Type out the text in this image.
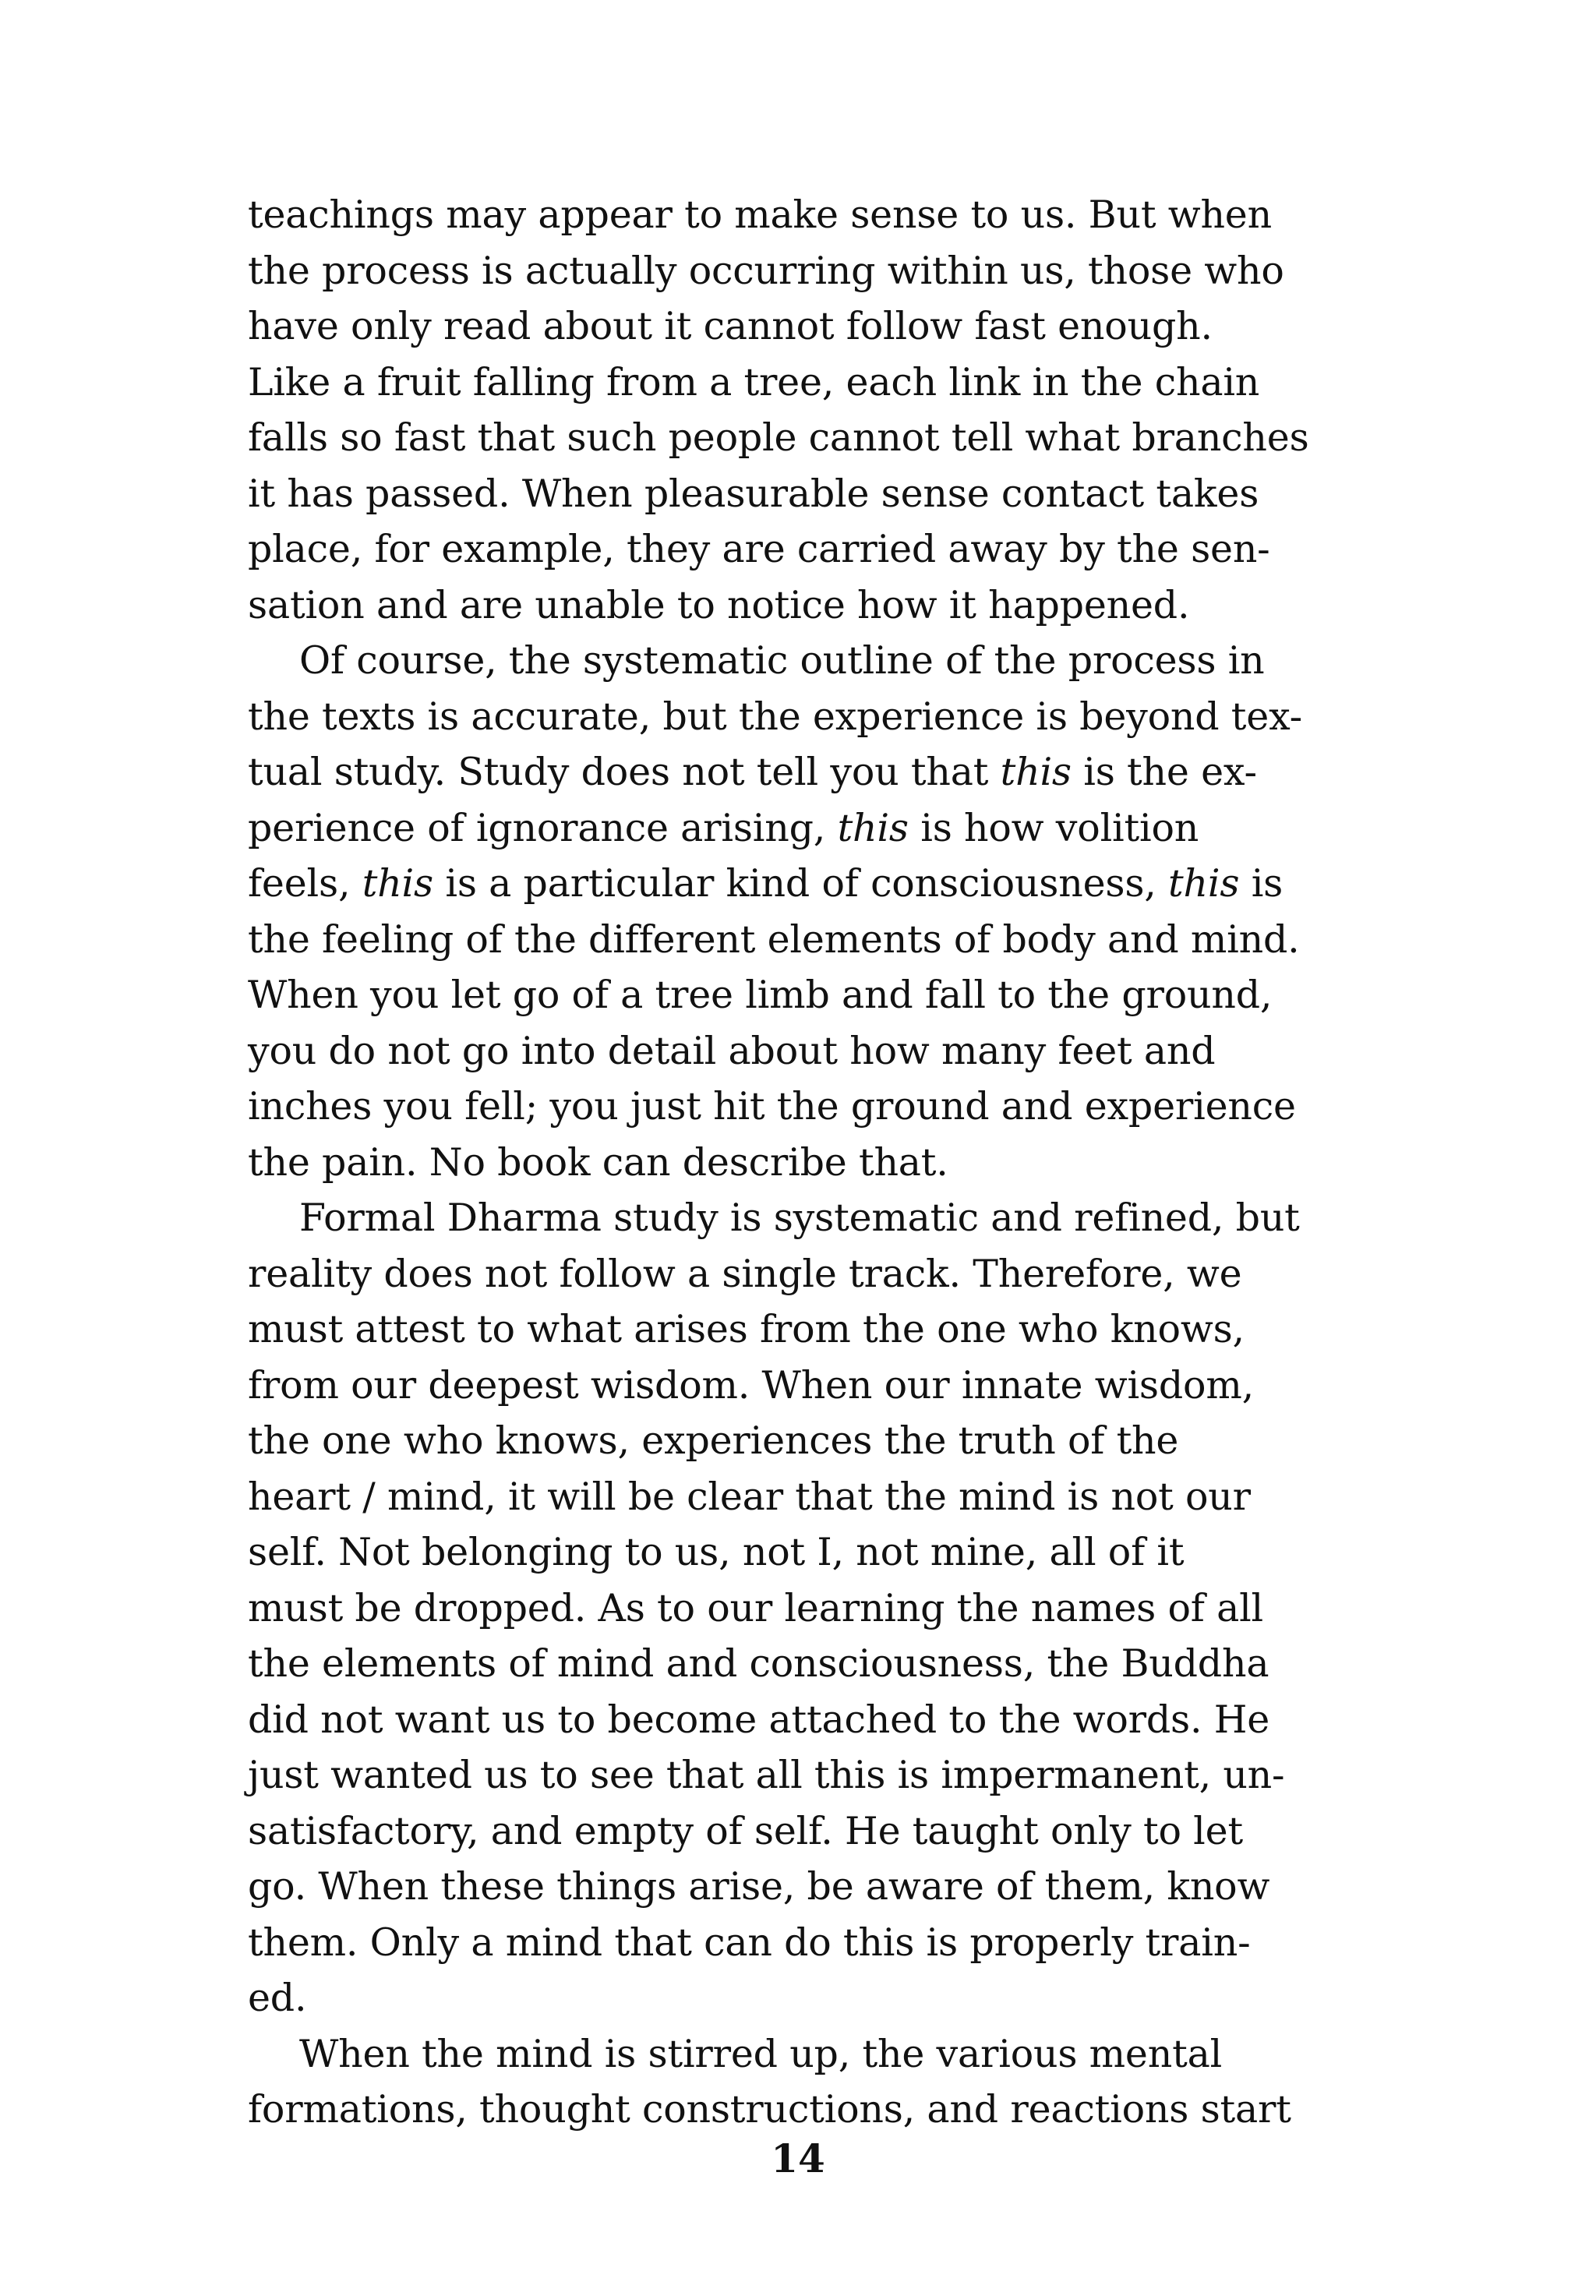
teachings may appear to make sense to us. But when
the process is actually occurring within us, those who
have only read about it cannot follow fast enough.
Like a fruit falling from a tree, each link in the chain
falls so fast that such people cannot tell what branches
it has passed. When pleasurable sense contact takes
place, for example, they are carried away by the sen-
sation and are unable to notice how it happened.
Of course, the systematic outline of the process in
the texts is accurate, but the experience is beyond tex-
tual study. Study does not tell you that this is the ex-
perience of ignorance arising, this is how volition
feels, this is a particular kind of consciousness, this is
the feeling of the different elements of body and mind.
When you let go of a tree limb and fall to the ground,
you do not go into detail about how many feet and
inches you fell; you just hit the ground and experience
the pain. No book can describe that.
Formal Dharma study is systematic and refined, but
reality does not follow a single track. Therefore, we
must attest to what arises from the one who knows,
from our deepest wisdom. When our innate wisdom,
the one who knows, experiences the truth of the
heart / mind, it will be clear that the mind is not our
self. Not belonging to us, not I, not mine, all of it
must be dropped. As to our learning the names of all
the elements of mind and consciousness, the Buddha
did not want us to become attached to the words. He
just wanted us to see that all this is impermanent, un-
satisfactory, and empty of self. He taught only to let
go. When these things arise, be aware of them, know
them. Only a mind that can do this is properly train-
ed.
When the mind is stirred up, the various mental
formations, thought constructions, and reactions start
14
